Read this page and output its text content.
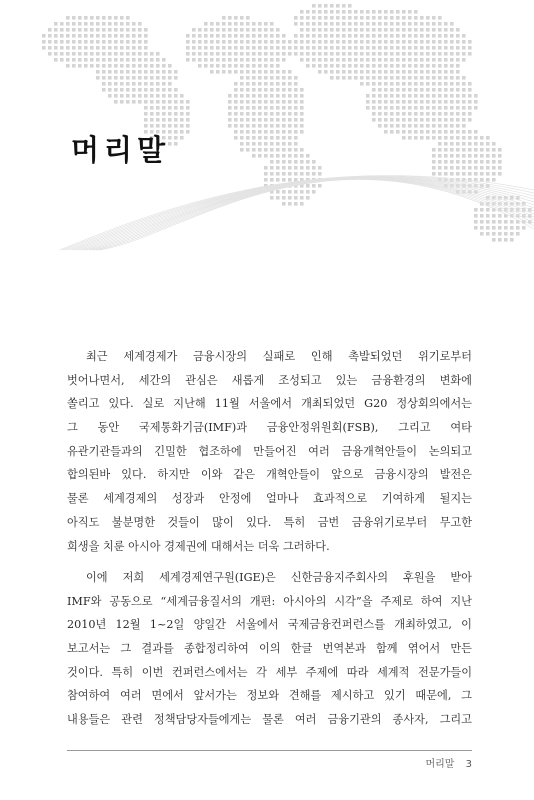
머리말
최근 세계경제가 금융시장의 실패로 인해 촉발되었던 위기로부터
벗어나면서, 세간의 관심은 새롭게 조성되고 있는 금융환경의 변화에
쏠리고 있다. 실로 지난해 11월 서울에서 개최되었던 G20 정상회의에서는
그 동안 국제통화기금(IMF)과 금융안정위원회(FSB), 그리고 여타
유관기관들과의 긴밀한 협조하에 만들어진 여러 금융개혁안들이 논의되고
합의된바 있다. 하지만 이와 같은 개혁안들이 앞으로 금융시장의 발전은
물론 세계경제의 성장과 안정에 얼마나 효과적으로 기여하게 될지는
아직도 불분명한 것들이 많이 있다. 특히 금번 금융위기로부터 무고한
희생을 치룬 아시아 경제권에 대해서는 더욱 그러하다.
이에 저희 세계경제연구원(IGE)은 신한금융지주회사의 후원을 받아
IMF와 공동으로 “세계금융질서의 개편: 아시아의 시각”을 주제로 하여 지난
2010년 12월 1~2일 양일간 서울에서 국제금융컨퍼런스를 개최하였고, 이
보고서는 그 결과를 종합정리하여 이의 한글 번역본과 함께 엮어서 만든
것이다. 특히 이번 컨퍼런스에서는 각 세부 주제에 따라 세계적 전문가들이
참여하여 여러 면에서 앞서가는 정보와 견해를 제시하고 있기 때문에, 그
내용들은 관련 정책담당자들에게는 물론 여러 금융기관의 종사자, 그리고
머리말 3
